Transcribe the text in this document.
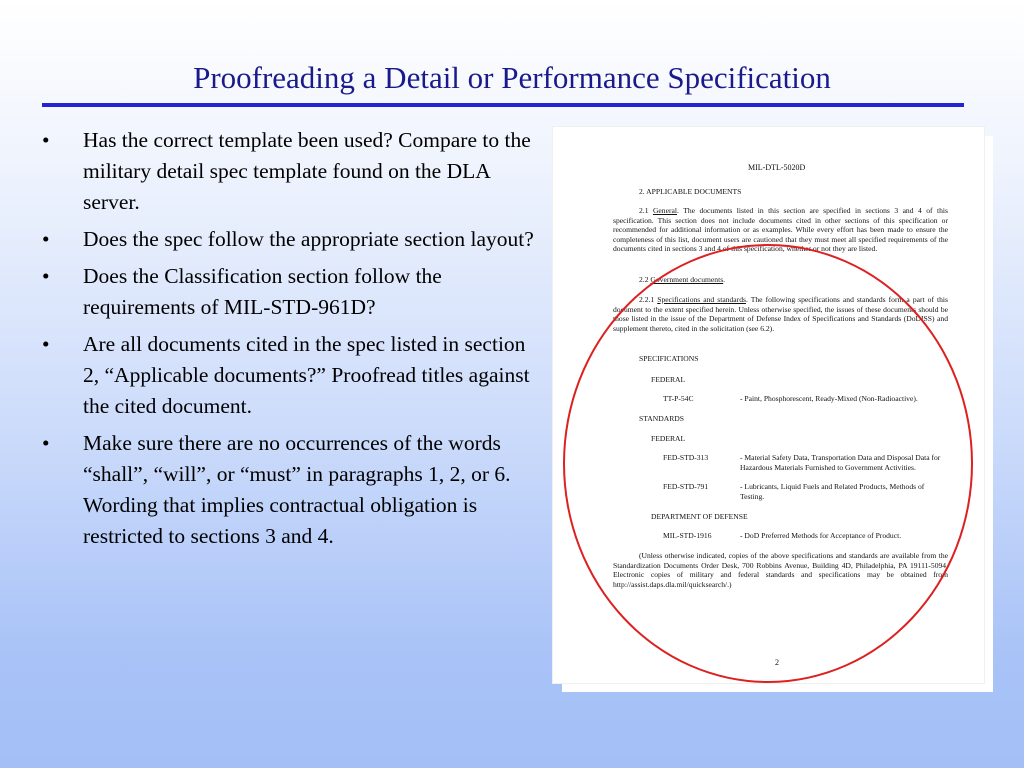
Proofreading a Detail or Performance Specification
•	Has the correct template been used? Compare to the military detail spec template found on the DLA server.
•	Does the spec follow the appropriate section layout?
•	Does the Classification section follow the requirements of MIL-STD-961D?
•	Are all documents cited in the spec listed in section 2, “Applicable documents?” Proofread titles against the cited document.
•	Make sure there are no occurrences of the words “shall”, “will”, or “must” in paragraphs 1, 2, or 6. Wording that implies contractual obligation is restricted to sections 3 and 4.
MIL-DTL-5020D
2. APPLICABLE DOCUMENTS
2.1 General. The documents listed in this section are specified in sections 3 and 4 of this specification. This section does not include documents cited in other sections of this specification or recommended for additional information or as examples. While every effort has been made to ensure the completeness of this list, document users are cautioned that they must meet all specified requirements of the documents cited in sections 3 and 4 of this specification, whether or not they are listed.
2.2 Government documents.
2.2.1 Specifications and standards. The following specifications and standards form a part of this document to the extent specified herein. Unless otherwise specified, the issues of these documents should be those listed in the issue of the Department of Defense Index of Specifications and Standards (DoDISS) and supplement thereto, cited in the solicitation (see 6.2).
SPECIFICATIONS
FEDERAL
TT-P-54C	- Paint, Phosphorescent, Ready-Mixed (Non-Radioactive).
STANDARDS
FEDERAL
FED-STD-313	- Material Safety Data, Transportation Data and Disposal Data for Hazardous Materials Furnished to Government Activities.
FED-STD-791	- Lubricants, Liquid Fuels and Related Products, Methods of Testing.
DEPARTMENT OF DEFENSE
MIL-STD-1916	- DoD Preferred Methods for Acceptance of Product.
(Unless otherwise indicated, copies of the above specifications and standards are available from the Standardization Documents Order Desk, 700 Robbins Avenue, Building 4D, Philadelphia, PA 19111-5094. Electronic copies of military and federal standards and specifications may be obtained from http://assist.daps.dla.mil/quicksearch/.)
2
